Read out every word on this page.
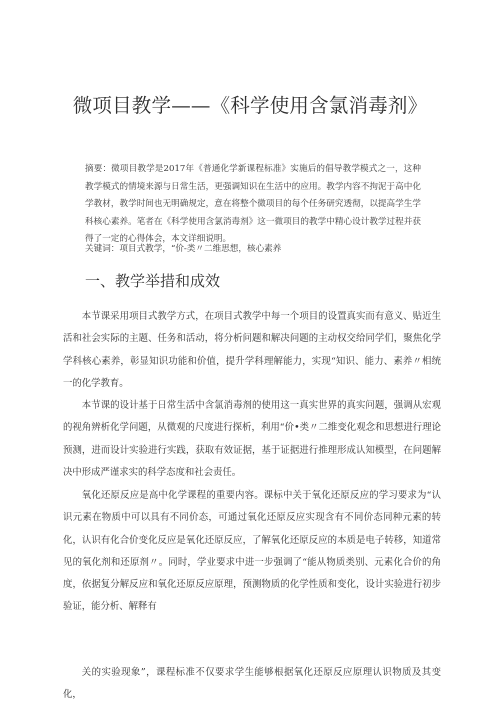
微项目教学——《科学使用含氯消毒剂》
摘要：微项目教学是2017年《普通化学新课程标准》实施后的倡导教学模式之一，这种教学模式的情境来源与日常生活，更强调知识在生活中的应用。教学内容不拘泥于高中化学教材，教学时间也无明确规定，意在将整个微项目的每个任务研究透彻，以提高学生学科核心素养。笔者在《科学使用含氯消毒剂》这一微项目的教学中精心设计教学过程并获得了一定的心得体会，本文详细说明。
关键词：项目式教学，“价-类〃二维思想，核心素养
一、教学举措和成效
本节课采用项目式教学方式，在项目式教学中每一个项目的设置真实而有意义、贴近生活和社会实际的主题、任务和活动，将分析问题和解决问题的主动权交给同学们，聚焦化学学科核心素养，彰显知识功能和价值，提升学科理解能力，实现“知识、能力、素养〃相统一的化学教育。
本节课的设计基于日常生活中含氯消毒剂的使用这一真实世界的真实问题，强调从宏观的视角辨析化学问题，从微观的尺度进行探析，利用“价•类〃二维变化观念和思想进行理论预测，进而设计实验进行实践，获取有效证据，基于证据进行推理形成认知模型，在问题解决中形成严谨求实的科学态度和社会责任。
氧化还原反应是高中化学课程的重要内容。课标中关于氧化还原反应的学习要求为“认识元素在物质中可以具有不同价态，可通过氧化还原反应实现含有不同价态同种元素的转化，认识有化合价变化反应是氧化还原反应，了解氧化还原反应的本质是电子转移，知道常见的氧化剂和还原剂〃。同时，学业要求中进一步强调了“能从物质类别、元素化合价的角度，依据复分解反应和氧化还原反应原理，预测物质的化学性质和变化，设计实验进行初步验证，能分析、解释有
关的实验现象”，课程标准不仅要求学生能够根据氧化还原反应原理认识物质及其变化，
